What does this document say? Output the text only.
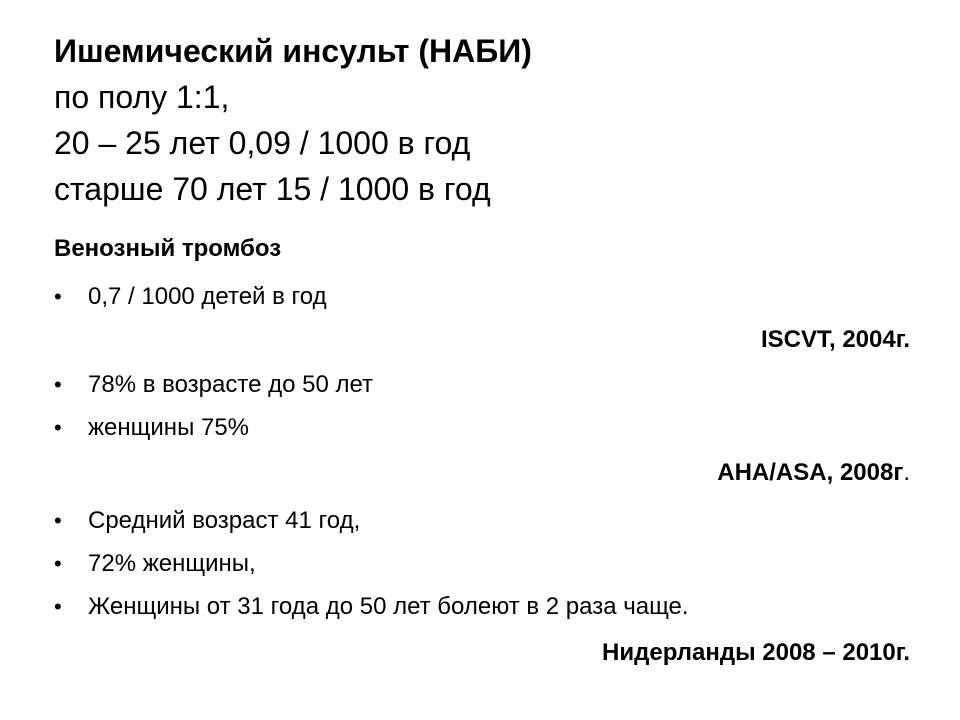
Ишемический инсульт (НАБИ)
по полу 1:1,
20 – 25 лет 0,09 / 1000 в год
старше 70 лет 15 / 1000 в год
Венозный тромбоз
• 0,7 / 1000 детей в год
ISCVT, 2004г.
• 78% в возрасте до 50 лет
• женщины 75%
AHA/ASA, 2008г.
• Средний возраст 41 год,
• 72% женщины,
• Женщины от 31 года до 50 лет болеют в 2 раза чаще.
Нидерланды 2008 – 2010г.
